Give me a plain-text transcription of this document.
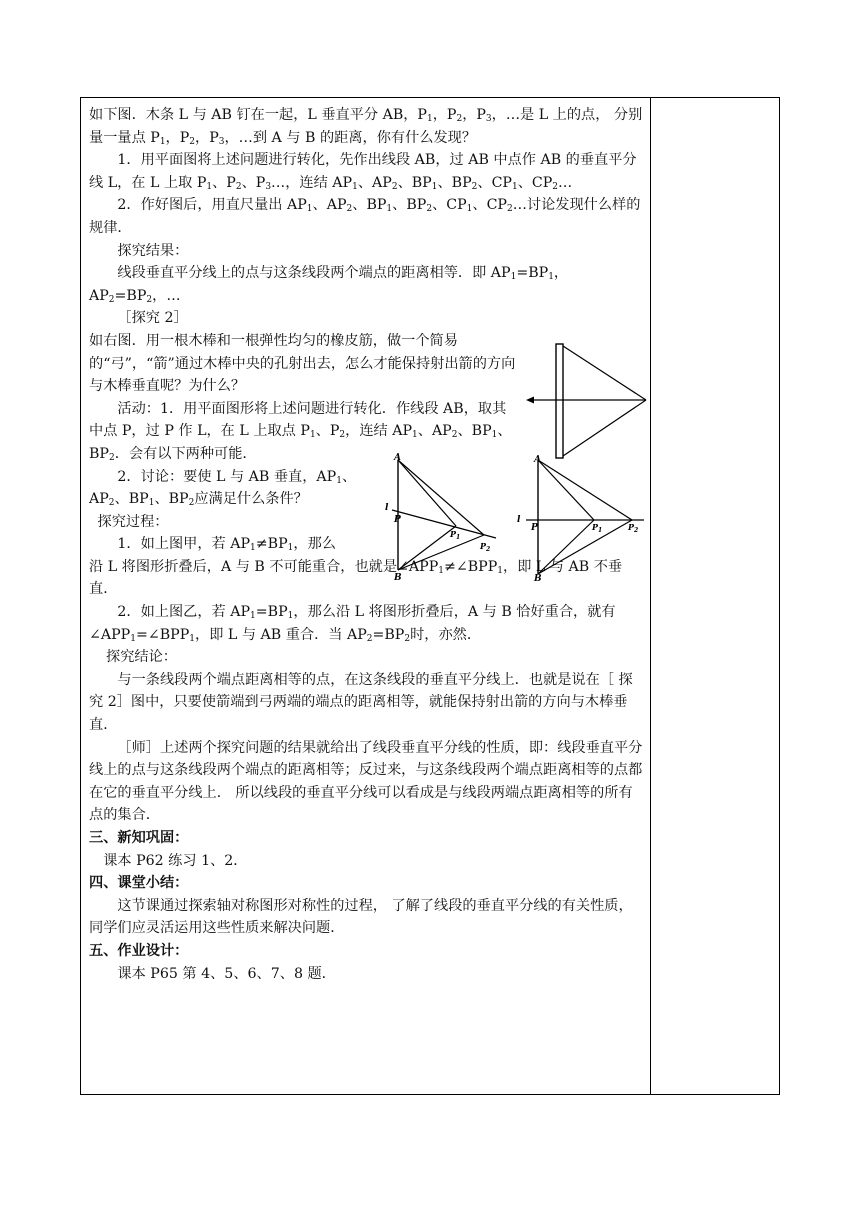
如下图．木条 L 与 AB 钉在一起，L 垂直平分 AB，$P_1$，$P_2$，$P_3$，…是 L 上的点， 分别量一量点 $P_1$，$P_2$，$P_3$，…到 A 与 B 的距离，你有什么发现？

1．用平面图将上述问题进行转化，先作出线段 AB，过 AB 中点作 AB 的垂直平分线 L，在 L 上取 $P_1$、$P_2$、$P_3\dots$，连结 $AP_1$、$AP_2$、$BP_1$、$BP_2$、$CP_1$、$CP_2\dots$

2．作好图后，用直尺量出 $AP_1$、$AP_2$、$BP_1$、$BP_2$、$CP_1$、$CP_2\dots$讨论发现什么样的规律．

探究结果：

线段垂直平分线上的点与这条线段两个端点的距离相等．即 $AP_1=BP_1$，$AP_2=BP_2$，…

［探究 2］

如右图．用一根木棒和一根弹性均匀的橡皮筋，做一个简易的“弓”，“箭”通过木棒中央的孔射出去，怎么才能保持射出箭的方向与木棒垂直呢？为什么？

活动：1．用平面图形将上述问题进行转化．作线段 AB，取其中点 P，过 P 作 L，在 L 上取点 $P_1$、$P_2$，连结 $AP_1$、$AP_2$、$BP_1$、$BP_2$．会有以下两种可能．

2．讨论：要使 L 与 AB 垂直，$AP_1$、$AP_2$、$BP_1$、$BP_2$应满足什么条件？

探究过程：

1．如上图甲，若 $AP_1\ne BP_1$，那么
沿 L 将图形折叠后，A 与 B 不可能重合，也就是$\angle APP_1\ne\angle BPP_1$，即 L 与 AB 不垂直．

2．如上图乙，若 $AP_1=BP_1$，那么沿 L 将图形折叠后，A 与 B 恰好重合，就有$\angle APP_1=\angle BPP_1$，即 L 与 AB 重合．当 $AP_2=BP_2$时，亦然．

探究结论：

与一条线段两个端点距离相等的点，在这条线段的垂直平分线上．也就是说在［ 探究 2］图中，只要使箭端到弓两端的端点的距离相等，就能保持射出箭的方向与木棒垂直．

［师］上述两个探究问题的结果就给出了线段垂直平分线的性质，即：线段垂直平分线上的点与这条线段两个端点的距离相等；反过来，与这条线段两个端点距离相等的点都在它的垂直平分线上． 所以线段的垂直平分线可以看成是与线段两端点距离相等的所有点的集合．

三、新知巩固：

课本 P62 练习 1、2．

四、课堂小结：

这节课通过探索轴对称图形对称性的过程， 了解了线段的垂直平分线的有关性质，同学们应灵活运用这些性质来解决问题．

五、作业设计：

课本 P65 第 4、5、6、7、8 题．

A
B
l
P
$P_1$
$P_2$
A
B
l
P	$P_1$	$P_2$
